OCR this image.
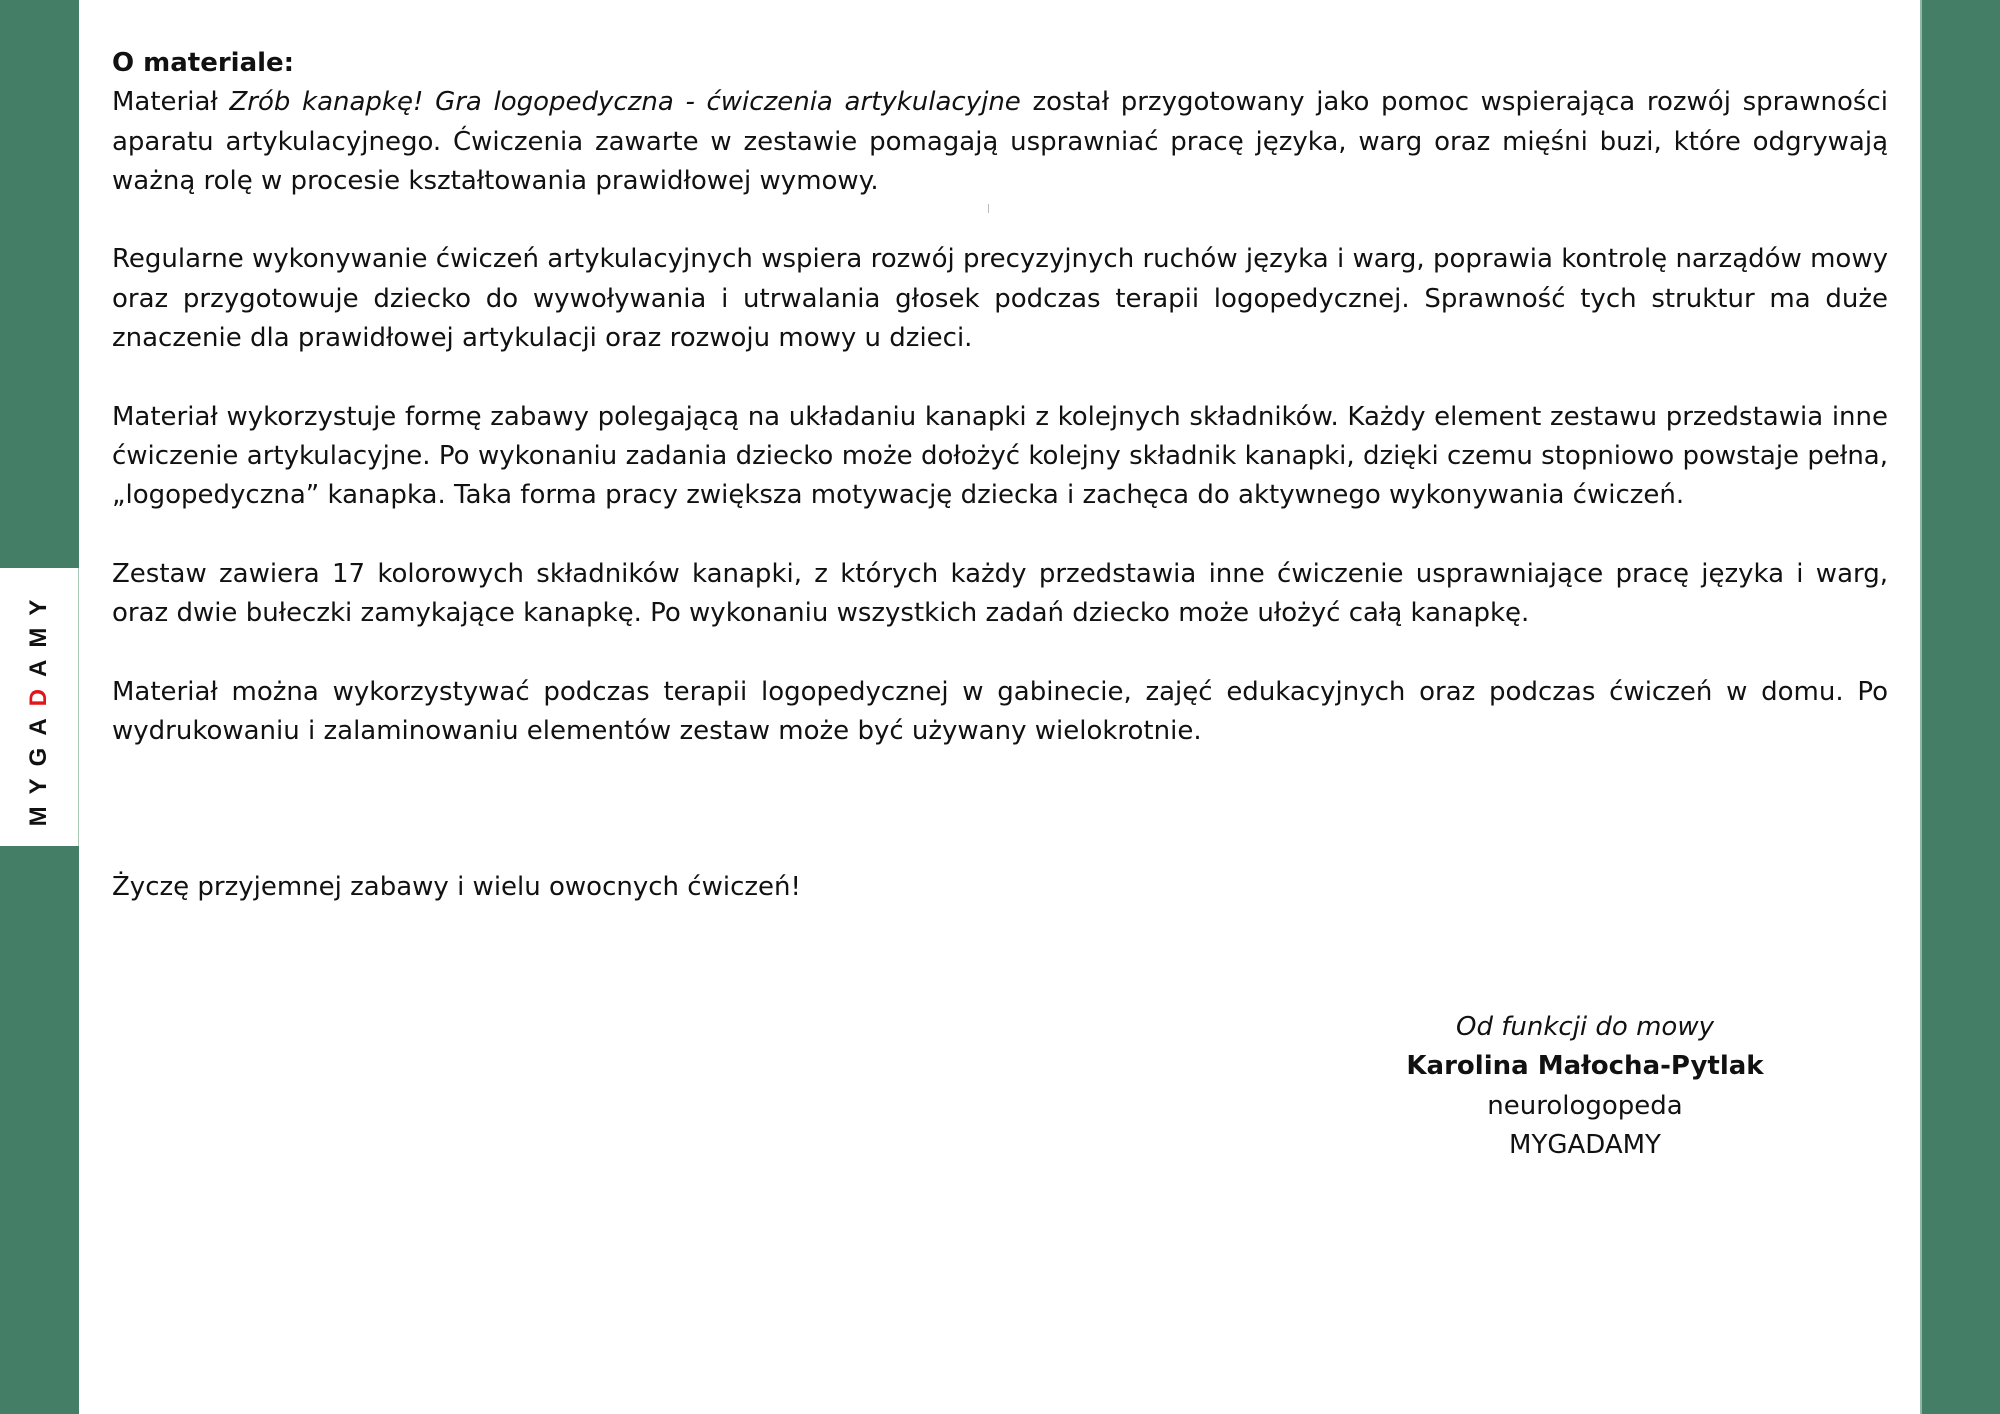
MYGADAMY
O materiale:

Materiał Zrób kanapkę! Gra logopedyczna - ćwiczenia artykulacyjne został przygotowany jako pomoc wspierająca rozwój sprawności aparatu artykulacyjnego. Ćwiczenia zawarte w zestawie pomagają usprawniać pracę języka, warg oraz mięśni buzi, które odgrywają ważną rolę w procesie kształtowania prawidłowej wymowy.

Regularne wykonywanie ćwiczeń artykulacyjnych wspiera rozwój precyzyjnych ruchów języka i warg, poprawia kontrolę narządów mowy oraz przygotowuje dziecko do wywoływania i utrwalania głosek podczas terapii logopedycznej. Sprawność tych struktur ma duże znaczenie dla prawidłowej artykulacji oraz rozwoju mowy u dzieci.

Materiał wykorzystuje formę zabawy polegającą na układaniu kanapki z kolejnych składników. Każdy element zestawu przedstawia inne ćwiczenie artykulacyjne. Po wykonaniu zadania dziecko może dołożyć kolejny składnik kanapki, dzięki czemu stopniowo powstaje pełna, „logopedyczna” kanapka. Taka forma pracy zwiększa motywację dziecka i zachęca do aktywnego wykonywania ćwiczeń.

Zestaw zawiera 17 kolorowych składników kanapki, z których każdy przedstawia inne ćwiczenie usprawniające pracę języka i warg, oraz dwie bułeczki zamykające kanapkę. Po wykonaniu wszystkich zadań dziecko może ułożyć całą kanapkę.

Materiał można wykorzystywać podczas terapii logopedycznej w gabinecie, zajęć edukacyjnych oraz podczas ćwiczeń w domu. Po wydrukowaniu i zalaminowaniu elementów zestaw może być używany wielokrotnie.

Życzę przyjemnej zabawy i wielu owocnych ćwiczeń!
Od funkcji do mowy
Karolina Małocha-Pytlak
neurologopeda
MYGADAMY
